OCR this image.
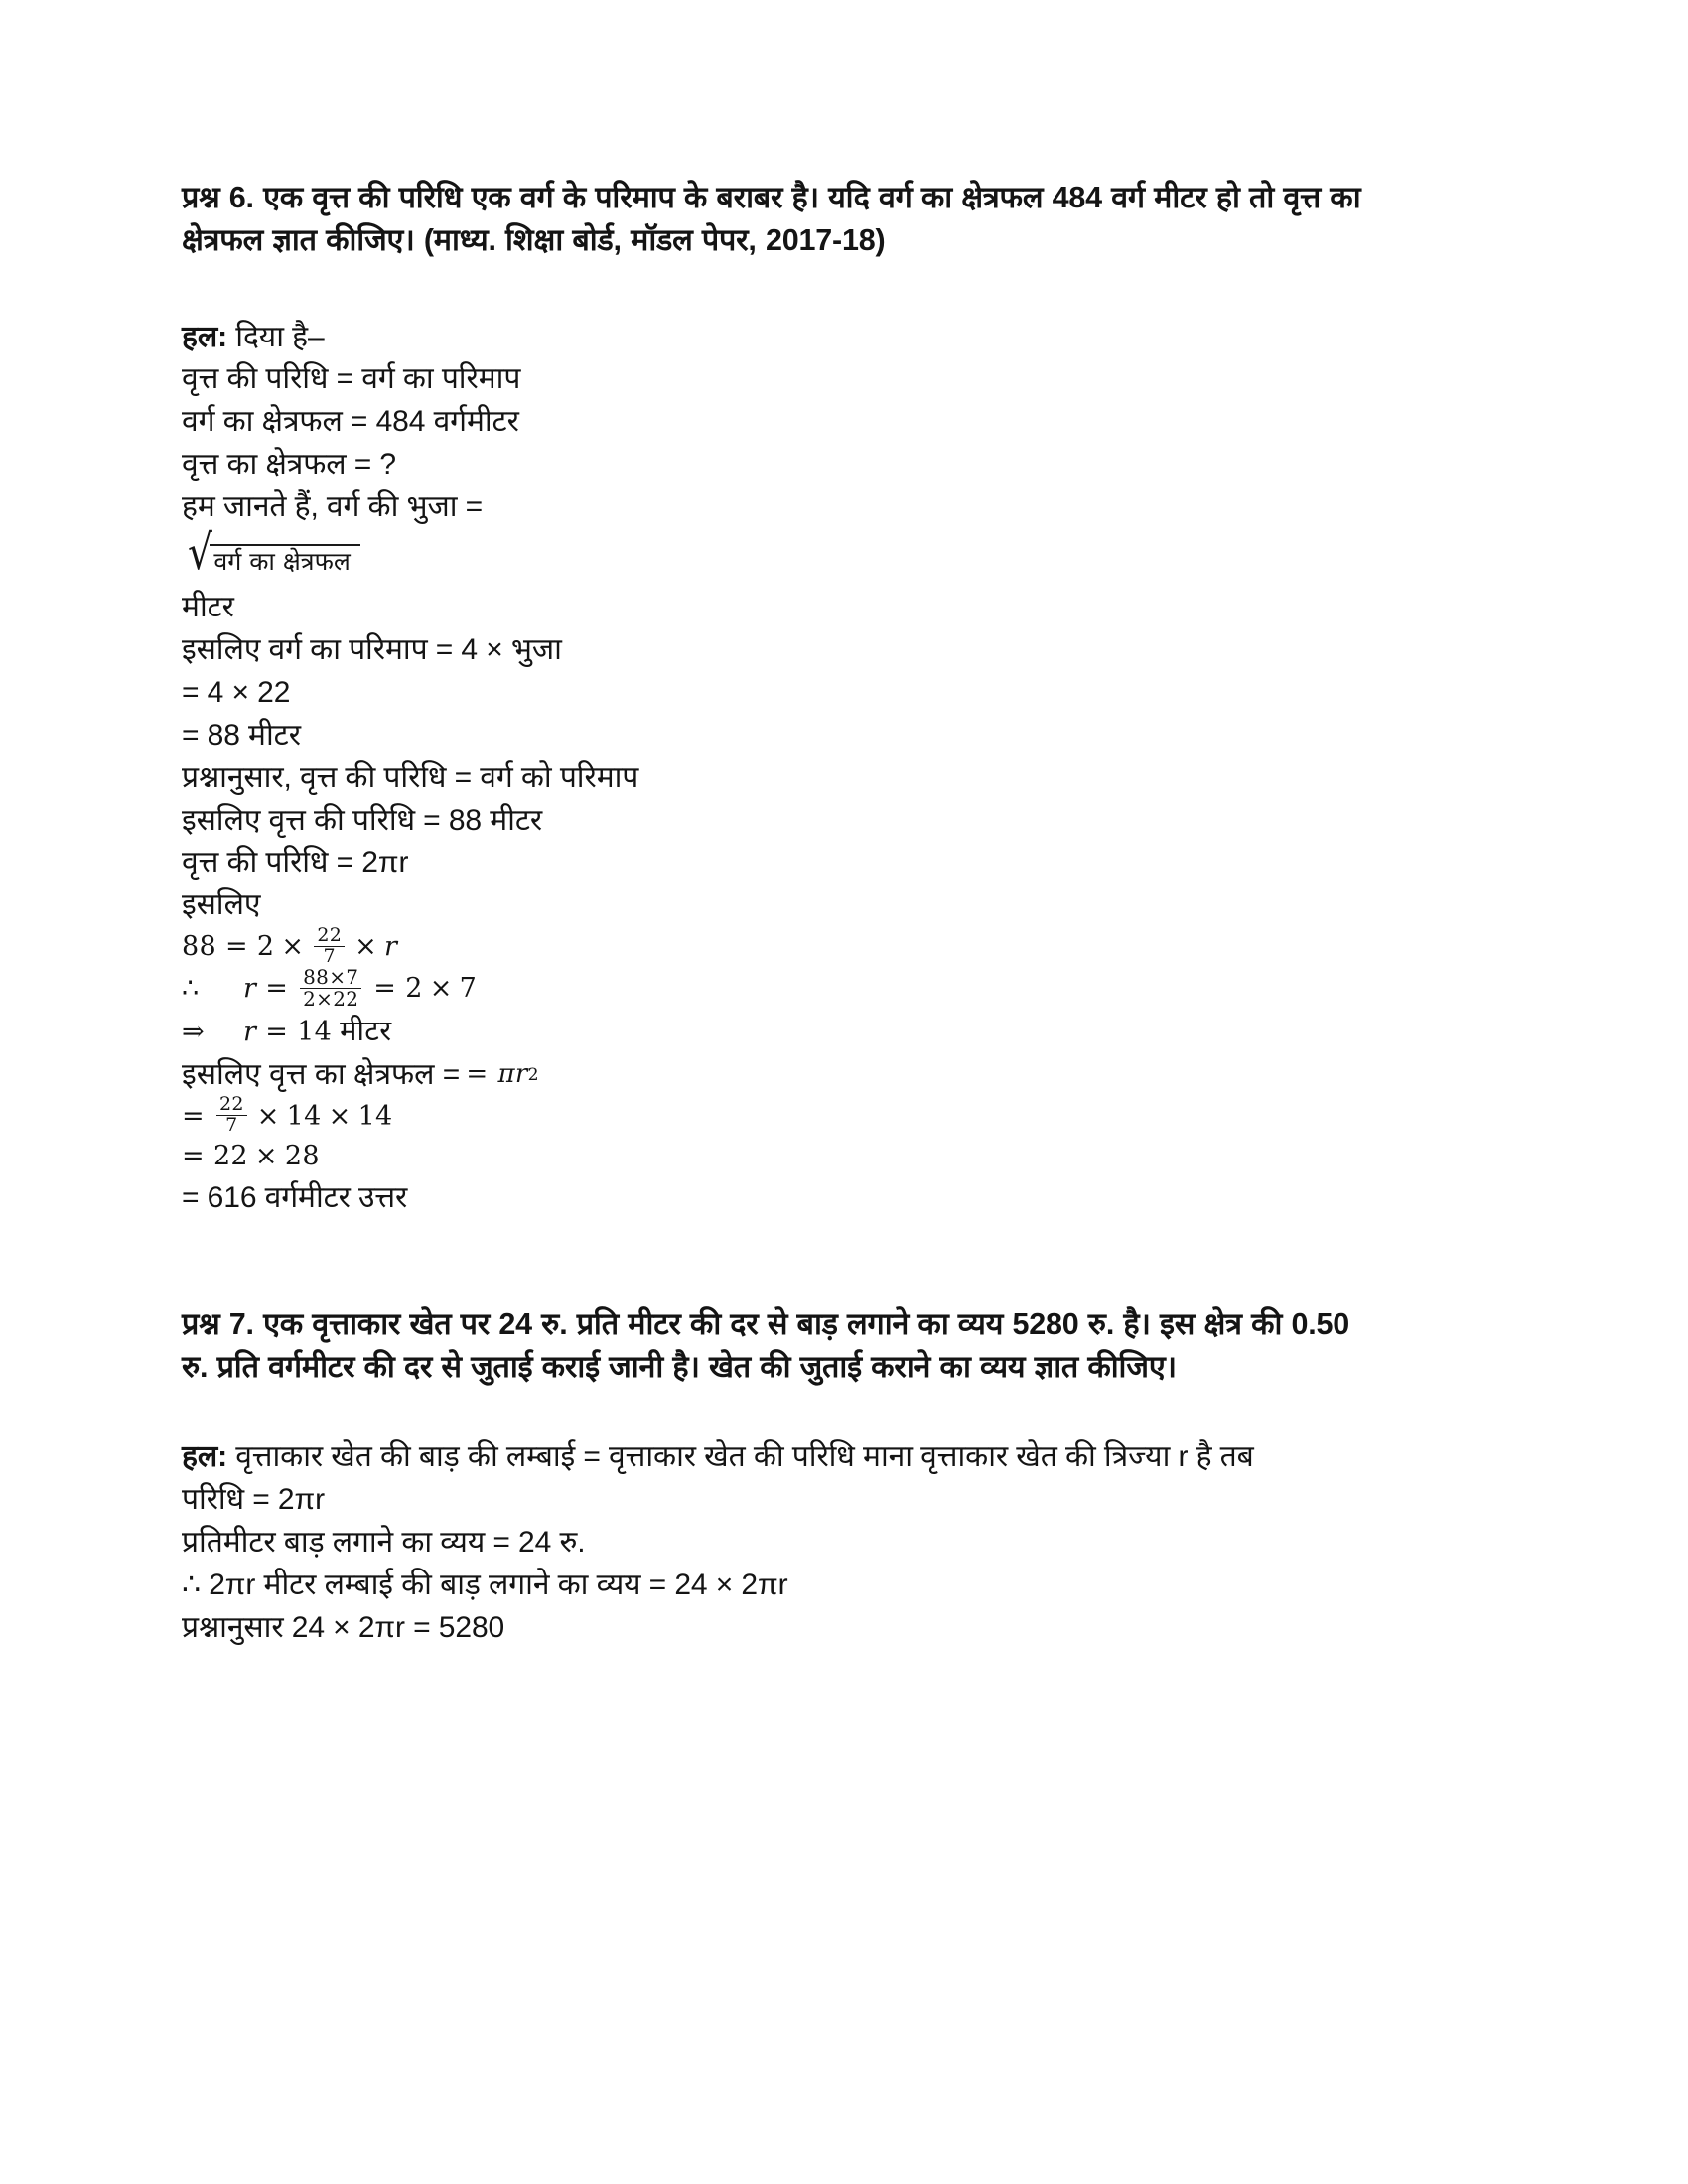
प्रश्न 6. एक वृत्त की परिधि एक वर्ग के परिमाप के बराबर है। यदि वर्ग का क्षेत्रफल 484 वर्ग मीटर हो तो वृत्त का क्षेत्रफल ज्ञात कीजिए। (माध्य. शिक्षा बोर्ड, मॉडल पेपर, 2017-18)

हल: दिया है–
वृत्त की परिधि = वर्ग का परिमाप
वर्ग का क्षेत्रफल = 484 वर्गमीटर
वृत्त का क्षेत्रफल = ?
हम जानते हैं, वर्ग की भुजा =
√वर्ग का क्षेत्रफल
मीटर
इसलिए वर्ग का परिमाप = 4 × भुजा
= 4 × 22
= 88 मीटर
प्रश्नानुसार, वृत्त की परिधि = वर्ग को परिमाप
इसलिए वृत्त की परिधि = 88 मीटर
वृत्त की परिधि = 2πr
इसलिए
$88 = 2 \times \frac{22}{7} \times r$
∴	$r = \frac{88\times 7}{2\times 22} = 2 \times 7$
⇒	r = 14 मीटर
इसलिए वृत्त का क्षेत्रफल = = π r 2
= $\frac{22}{7} \times 14 \times 14$
= 22 × 28
= 616 वर्गमीटर उत्तर

प्रश्न 7. एक वृत्ताकार खेत पर 24 रु. प्रति मीटर की दर से बाड़ लगाने का व्यय 5280 रु. है। इस क्षेत्र की 0.50 रु. प्रति वर्गमीटर की दर से जुताई कराई जानी है। खेत की जुताई कराने का व्यय ज्ञात कीजिए।

हल: वृत्ताकार खेत की बाड़ की लम्बाई = वृत्ताकार खेत की परिधि माना वृत्ताकार खेत की त्रिज्या r है तब
परिधि = 2πr
प्रतिमीटर बाड़ लगाने का व्यय = 24 रु.
∴ 2πr मीटर लम्बाई की बाड़ लगाने का व्यय = 24 × 2πr
प्रश्नानुसार 24 × 2πr = 5280
